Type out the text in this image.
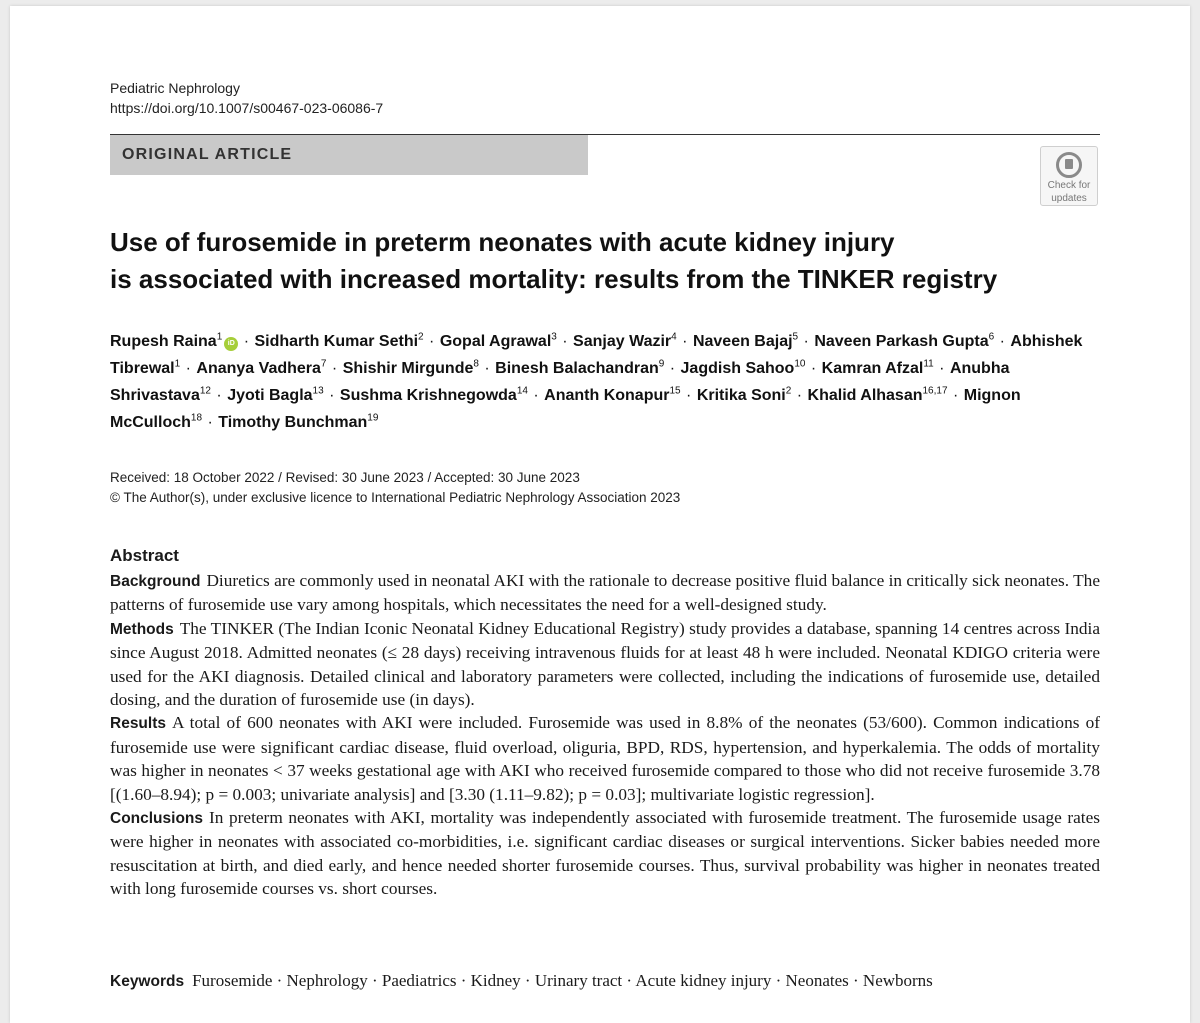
Pediatric Nephrology
https://doi.org/10.1007/s00467-023-06086-7
ORIGINAL ARTICLE
Check for
updates
Use of furosemide in preterm neonates with acute kidney injury
is associated with increased mortality: results from the TINKER registry
Rupesh Raina$^1$iD · Sidharth Kumar Sethi$^2$ · Gopal Agrawal$^3$ · Sanjay Wazir$^4$ · Naveen Bajaj$^5$ · Naveen Parkash Gupta$^6$ · Abhishek Tibrewal$^1$ · Ananya Vadhera$^7$ · Shishir Mirgunde$^8$ · Binesh Balachandran$^9$ · Jagdish Sahoo$^{10}$ · Kamran Afzal$^{11}$ · Anubha Shrivastava$^{12}$ · Jyoti Bagla$^{13}$ · Sushma Krishnegowda$^{14}$ · Ananth Konapur$^{15}$ · Kritika Soni$^2$ · Khalid Alhasan$^{16,17}$ · Mignon McCulloch$^{18}$ · Timothy Bunchman$^{19}$
Received: 18 October 2022 / Revised: 30 June 2023 / Accepted: 30 June 2023
© The Author(s), under exclusive licence to International Pediatric Nephrology Association 2023
Abstract

Background Diuretics are commonly used in neonatal AKI with the rationale to decrease positive fluid balance in critically sick neonates. The patterns of furosemide use vary among hospitals, which necessitates the need for a well-designed study.

Methods The TINKER (The Indian Iconic Neonatal Kidney Educational Registry) study provides a database, spanning 14 centres across India since August 2018. Admitted neonates (≤ 28 days) receiving intravenous fluids for at least 48 h were included. Neonatal KDIGO criteria were used for the AKI diagnosis. Detailed clinical and laboratory parameters were collected, including the indications of furosemide use, detailed dosing, and the duration of furosemide use (in days).

Results A total of 600 neonates with AKI were included. Furosemide was used in 8.8% of the neonates (53/600). Common indications of furosemide use were significant cardiac disease, fluid overload, oliguria, BPD, RDS, hypertension, and hyperkalemia. The odds of mortality was higher in neonates < 37 weeks gestational age with AKI who received furosemide compared to those who did not receive furosemide 3.78 [(1.60–8.94); p = 0.003; univariate analysis] and [3.30 (1.11–9.82); p = 0.03]; multivariate logistic regression].

Conclusions In preterm neonates with AKI, mortality was independently associated with furosemide treatment. The furosemide usage rates were higher in neonates with associated co-morbidities, i.e. significant cardiac diseases or surgical interventions. Sicker babies needed more resuscitation at birth, and died early, and hence needed shorter furosemide courses. Thus, survival probability was higher in neonates treated with long furosemide courses vs. short courses.

Keywords Furosemide · Nephrology · Paediatrics · Kidney · Urinary tract · Acute kidney injury · Neonates · Newborns
